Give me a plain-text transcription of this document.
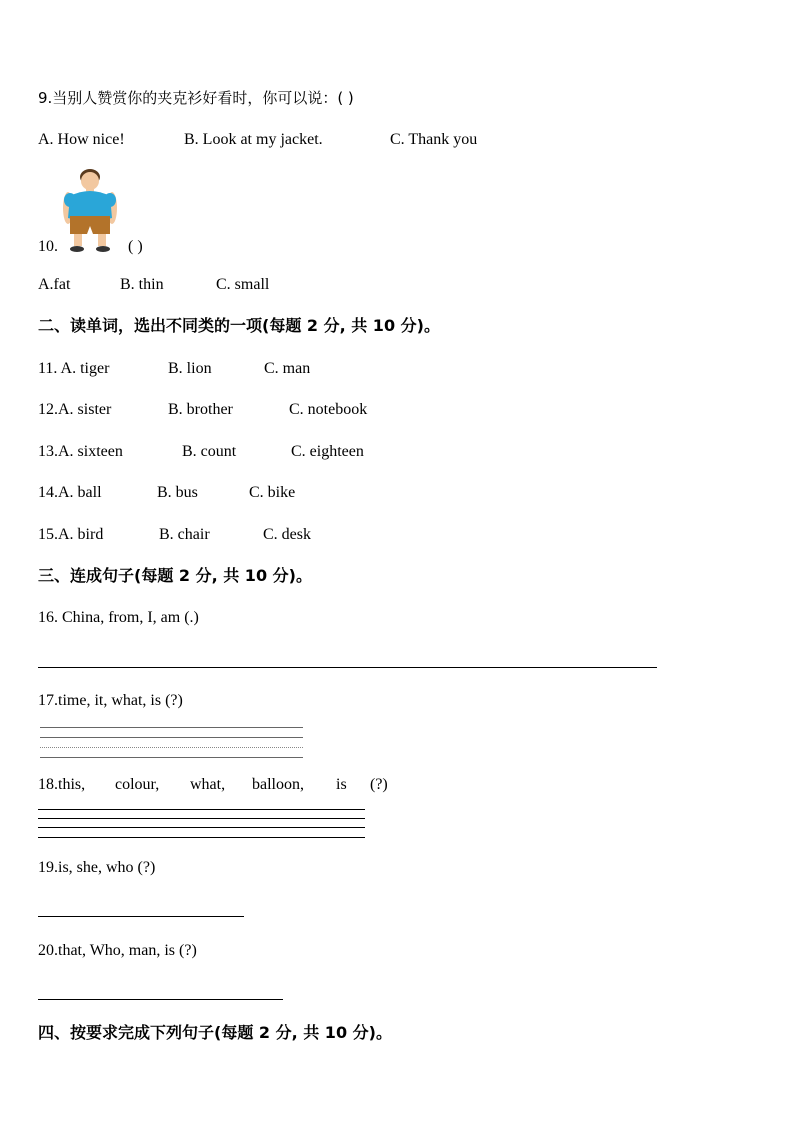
9.当别人赞赏你的夹克衫好看时，你可以说：( )
A. How nice!	B. Look at my jacket.	C. Thank you
10.	( )
A.fat	B. thin	C. small
二、读单词，选出不同类的一项(每题 2 分, 共 10 分)。
11. A. tiger	B. lion	C. man
12.A. sister	B. brother	C. notebook
13.A. sixteen	B. count	C. eighteen
14.A. ball	B. bus	C. bike
15.A. bird	B. chair	C. desk
三、连成句子(每题 2 分, 共 10 分)。
16. China, from, I, am (.)
17.time, it, what, is (?)
18.this, colour, what, balloon, is (?)
19.is, she, who (?)
20.that, Who, man, is (?)
四、按要求完成下列句子(每题 2 分, 共 10 分)。
